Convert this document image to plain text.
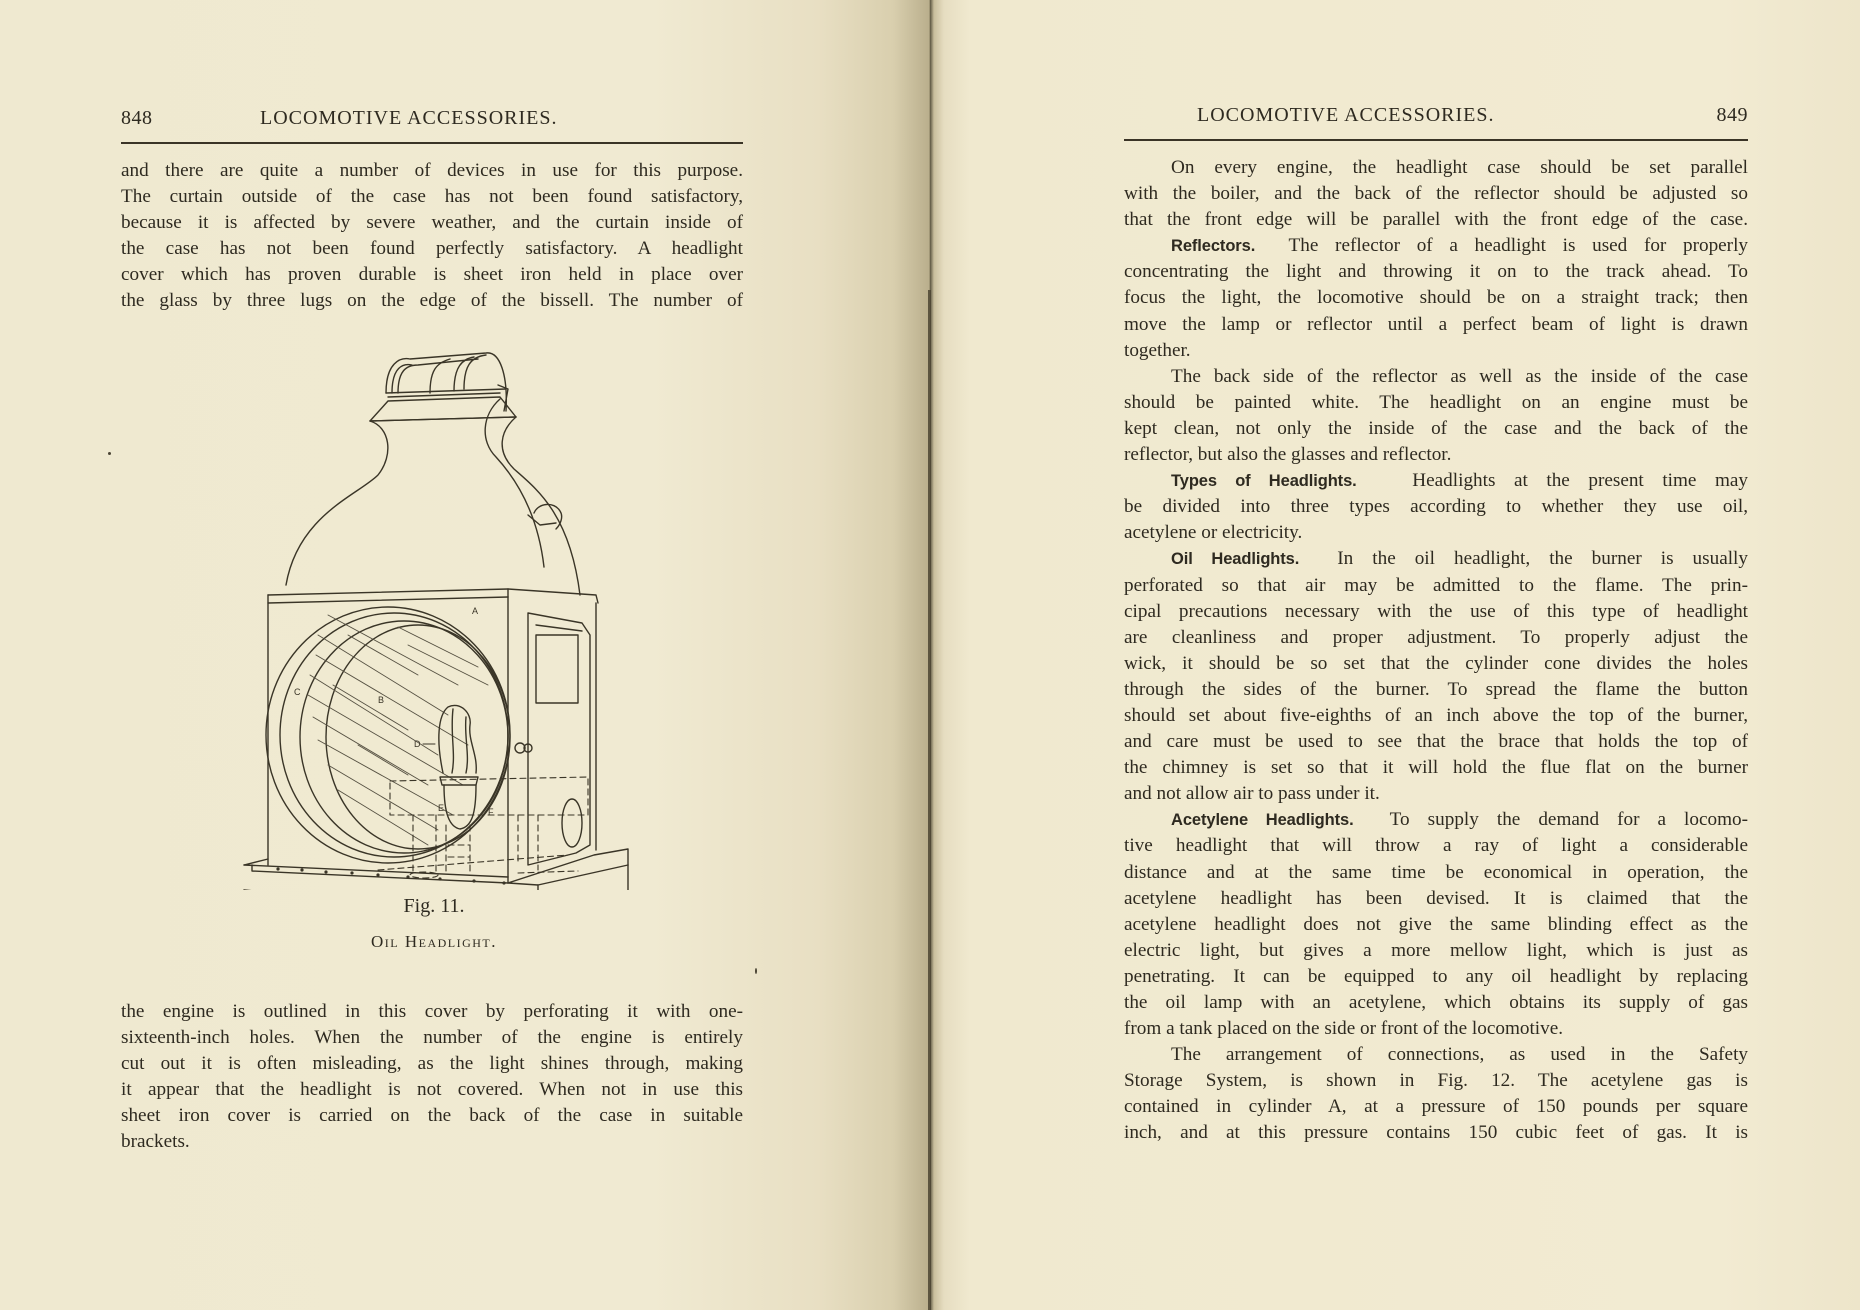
848	LOCOMOTIVE ACCESSORIES.
and there are quite a number of devices in use for this purpose.
The curtain outside of the case has not been found satisfactory,
because it is affected by severe weather, and the curtain inside of
the case has not been found perfectly satisfactory. A headlight
cover which has proven durable is sheet iron held in place over
the glass by three lugs on the edge of the bissell. The number of
A
B
C
D
E	F
Fig. 11.
Oil Headlight.
the engine is outlined in this cover by perforating it with one-
sixteenth-inch holes. When the number of the engine is entirely
cut out it is often misleading, as the light shines through, making
it appear that the headlight is not covered. When not in use this
sheet iron cover is carried on the back of the case in suitable
brackets.
LOCOMOTIVE ACCESSORIES.	849
On every engine, the headlight case should be set parallel
with the boiler, and the back of the reflector should be adjusted so
that the front edge will be parallel with the front edge of the case.
Reflectors. The reflector of a headlight is used for properly
concentrating the light and throwing it on to the track ahead. To
focus the light, the locomotive should be on a straight track; then
move the lamp or reflector until a perfect beam of light is drawn
together.
The back side of the reflector as well as the inside of the case
should be painted white. The headlight on an engine must be
kept clean, not only the inside of the case and the back of the
reflector, but also the glasses and reflector.
Types of Headlights.	Headlights at the present time may
be divided into three types according to whether they use oil,
acetylene or electricity.
Oil Headlights. In the oil headlight, the burner is usually
perforated so that air may be admitted to the flame. The prin-
cipal precautions necessary with the use of this type of headlight
are cleanliness and proper adjustment. To properly adjust the
wick, it should be so set that the cylinder cone divides the holes
through the sides of the burner. To spread the flame the button
should set about five-eighths of an inch above the top of the burner,
and care must be used to see that the brace that holds the top of
the chimney is set so that it will hold the flue flat on the burner
and not allow air to pass under it.
Acetylene Headlights. To supply the demand for a locomo-
tive headlight that will throw a ray of light a considerable
distance and at the same time be economical in operation, the
acetylene headlight has been devised. It is claimed that the
acetylene headlight does not give the same blinding effect as the
electric light, but gives a more mellow light, which is just as
penetrating. It can be equipped to any oil headlight by replacing
the oil lamp with an acetylene, which obtains its supply of gas
from a tank placed on the side or front of the locomotive.
The arrangement of connections, as used in the Safety
Storage System, is shown in Fig. 12. The acetylene gas is
contained in cylinder A, at a pressure of 150 pounds per square
inch, and at this pressure contains 150 cubic feet of gas. It is
